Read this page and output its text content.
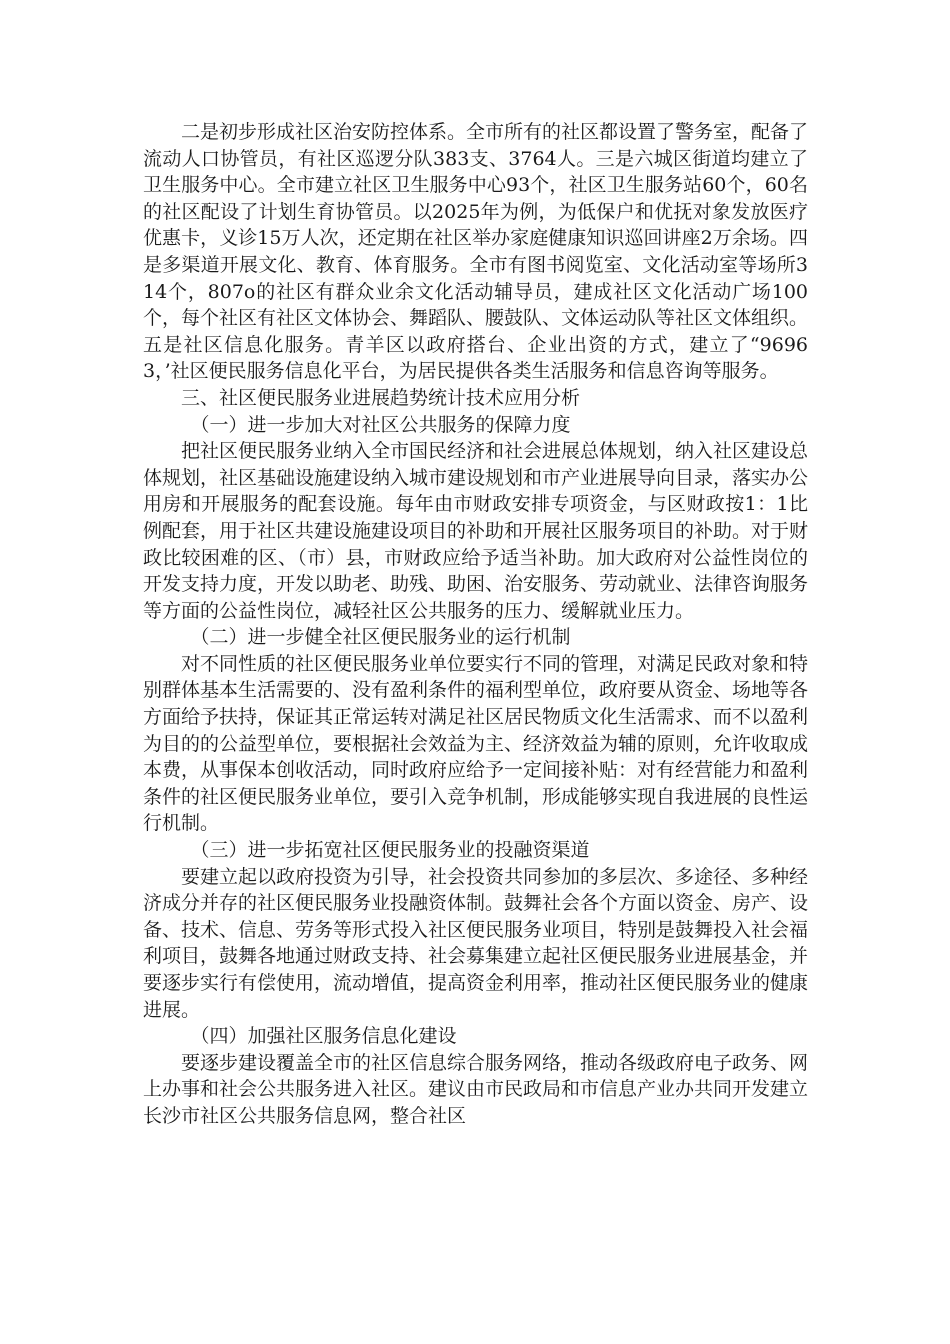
二是初步形成社区治安防控体系。全市所有的社区都设置了警务室，配备了流动人口协管员，有社区巡逻分队383支、3764人。三是六城区街道均建立了卫生服务中心。全市建立社区卫生服务中心93个，社区卫生服务站60个，60名的社区配设了计划生育协管员。以2025年为例，为低保户和优抚对象发放医疗优惠卡，义诊15万人次，还定期在社区举办家庭健康知识巡回讲座2万余场。四是多渠道开展文化、教育、体育服务。全市有图书阅览室、文化活动室等场所314个，807o的社区有群众业余文化活动辅导员，建成社区文化活动广场100个，每个社区有社区文体协会、舞蹈队、腰鼓队、文体运动队等社区文体组织。五是社区信息化服务。青羊区以政府搭台、企业出资的方式，建立了“96963，’社区便民服务信息化平台，为居民提供各类生活服务和信息咨询等服务。

三、社区便民服务业进展趋势统计技术应用分析

（一）进一步加大对社区公共服务的保障力度

把社区便民服务业纳入全市国民经济和社会进展总体规划，纳入社区建设总体规划，社区基础设施建设纳入城市建设规划和市产业进展导向目录，落实办公用房和开展服务的配套设施。每年由市财政安排专项资金，与区财政按1：1比例配套，用于社区共建设施建设项目的补助和开展社区服务项目的补助。对于财政比较困难的区、（市）县，市财政应给予适当补助。加大政府对公益性岗位的开发支持力度，开发以助老、助残、助困、治安服务、劳动就业、法律咨询服务等方面的公益性岗位，减轻社区公共服务的压力、缓解就业压力。

（二）进一步健全社区便民服务业的运行机制

对不同性质的社区便民服务业单位要实行不同的管理，对满足民政对象和特别群体基本生活需要的、没有盈利条件的福利型单位，政府要从资金、场地等各方面给予扶持，保证其正常运转对满足社区居民物质文化生活需求、而不以盈利为目的的公益型单位，要根据社会效益为主、经济效益为辅的原则，允许收取成本费，从事保本创收活动，同时政府应给予一定间接补贴：对有经营能力和盈利条件的社区便民服务业单位，要引入竞争机制，形成能够实现自我进展的良性运行机制。

（三）进一步拓宽社区便民服务业的投融资渠道

要建立起以政府投资为引导，社会投资共同参加的多层次、多途径、多种经济成分并存的社区便民服务业投融资体制。鼓舞社会各个方面以资金、房产、设备、技术、信息、劳务等形式投入社区便民服务业项目，特别是鼓舞投入社会福利项目，鼓舞各地通过财政支持、社会募集建立起社区便民服务业进展基金，并要逐步实行有偿使用，流动增值，提高资金利用率，推动社区便民服务业的健康进展。

（四）加强社区服务信息化建设

要逐步建设覆盖全市的社区信息综合服务网络，推动各级政府电子政务、网上办事和社会公共服务进入社区。建议由市民政局和市信息产业办共同开发建立长沙市社区公共服务信息网，整合社区
